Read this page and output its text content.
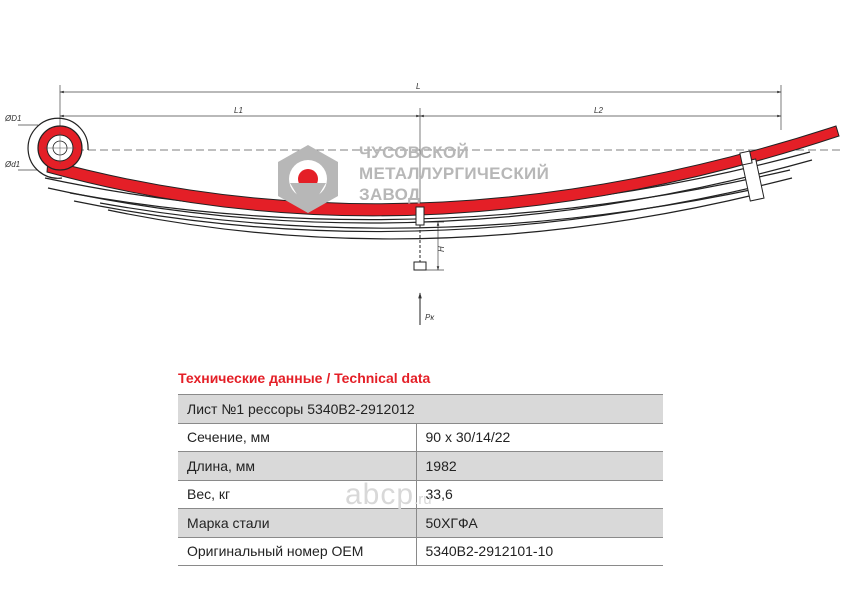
L
L1	L2
ØD1
Ød1
H
Pк
ЧУСОВСКОЙ
МЕТАЛЛУРГИЧЕСКИЙ
ЗАВОД
Технические данные / Technical data
Лист №1 рессоры 5340В2-2912012	
Сечение, мм	90 х 30/14/22
Длина, мм	1982
Вес, кг	33,6
Марка стали	50ХГФА
Оригинальный номер OEM	5340В2-2912101-10
abcp.ru
